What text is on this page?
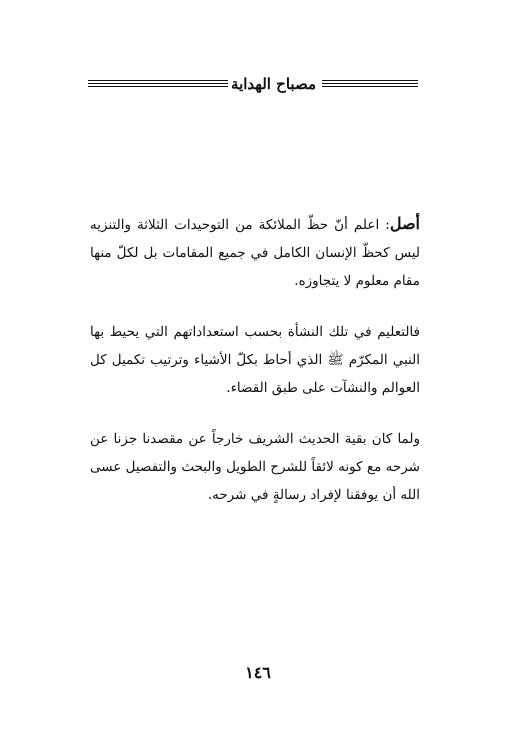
مصباح الهداية

أصل: اعلم أنّ حظّ الملائكة من التوحيدات الثلاثة والتنزيه ليس كحظّ الإنسان الكامل في جميع المقامات بل لكلّ منها مقام معلوم لا يتجاوزه.

فالتعليم في تلك النشأة بحسب استعداداتهم التي يحيط بها النبي المكرّم ﷺ الذي أحاط بكلّ الأشياء وترتيب تكميل كل العوالم والنشآت على طبق القضاء.

ولما كان بقية الحديث الشريف خارجاً عن مقصدنا جزنا عن شرحه مع كونه لائقاً للشرح الطويل والبحث والتفصيل عسى الله أن يوفقنا لإفراد رسالةٍ في شرحه.

١٤٦
